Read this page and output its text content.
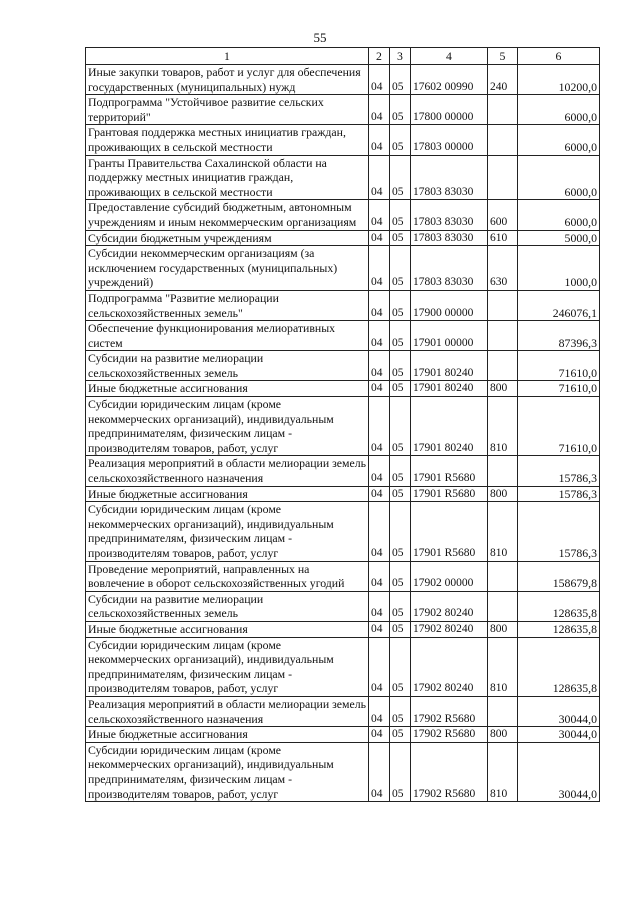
55
1	2	3	4	5	6
Иные закупки товаров, работ и услуг для обеспечения государственных (муниципальных) нужд	04	05	17602 00990	240	10200,0
Подпрограмма "Устойчивое развитие сельских территорий"	04	05	17800 00000		6000,0
Грантовая поддержка местных инициатив граждан, проживающих в сельской местности	04	05	17803 00000		6000,0
Гранты Правительства Сахалинской области на поддержку местных инициатив граждан, проживающих в сельской местности	04	05	17803 83030		6000,0
Предоставление субсидий бюджетным, автономным учреждениям и иным некоммерческим организациям	04	05	17803 83030	600	6000,0
Субсидии бюджетным учреждениям	04	05	17803 83030	610	5000,0
Субсидии некоммерческим организациям (за исключением государственных (муниципальных) учреждений)	04	05	17803 83030	630	1000,0
Подпрограмма "Развитие мелиорации сельскохозяйственных земель"	04	05	17900 00000		246076,1
Обеспечение функционирования мелиоративных систем	04	05	17901 00000		87396,3
Субсидии на развитие мелиорации сельскохозяйственных земель	04	05	17901 80240		71610,0
Иные бюджетные ассигнования	04	05	17901 80240	800	71610,0
Субсидии юридическим лицам (кроме некоммерческих организаций), индивидуальным предпринимателям, физическим лицам - производителям товаров, работ, услуг	04	05	17901 80240	810	71610,0
Реализация мероприятий в области мелиорации земель сельскохозяйственного назначения	04	05	17901 R5680		15786,3
Иные бюджетные ассигнования	04	05	17901 R5680	800	15786,3
Субсидии юридическим лицам (кроме некоммерческих организаций), индивидуальным предпринимателям, физическим лицам - производителям товаров, работ, услуг	04	05	17901 R5680	810	15786,3
Проведение мероприятий, направленных на вовлечение в оборот сельскохозяйственных угодий	04	05	17902 00000		158679,8
Субсидии на развитие мелиорации сельскохозяйственных земель	04	05	17902 80240		128635,8
Иные бюджетные ассигнования	04	05	17902 80240	800	128635,8
Субсидии юридическим лицам (кроме некоммерческих организаций), индивидуальным предпринимателям, физическим лицам - производителям товаров, работ, услуг	04	05	17902 80240	810	128635,8
Реализация мероприятий в области мелиорации земель сельскохозяйственного назначения	04	05	17902 R5680		30044,0
Иные бюджетные ассигнования	04	05	17902 R5680	800	30044,0
Субсидии юридическим лицам (кроме некоммерческих организаций), индивидуальным предпринимателям, физическим лицам - производителям товаров, работ, услуг	04	05	17902 R5680	810	30044,0
